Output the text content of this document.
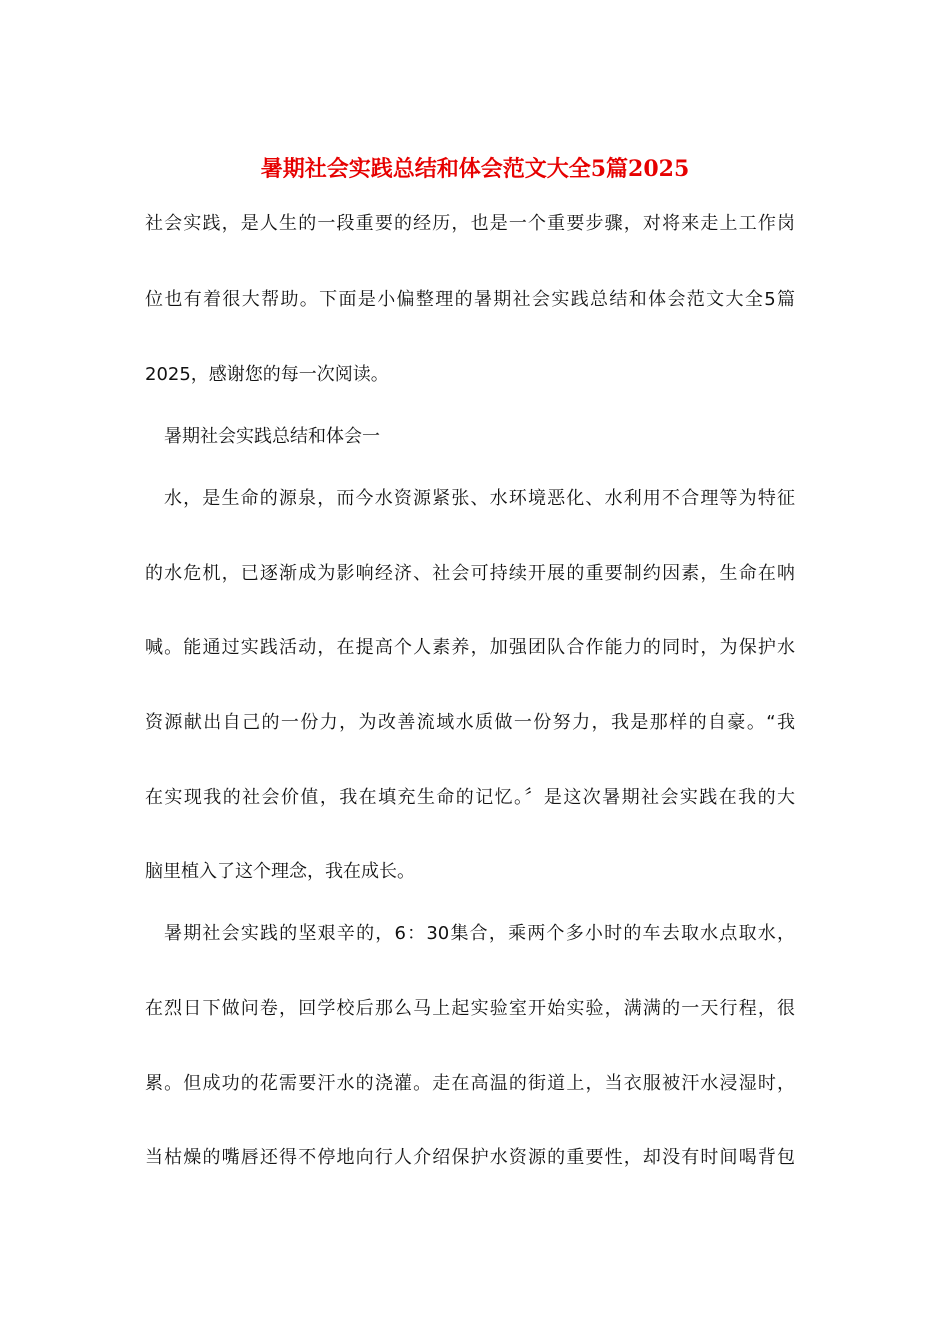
暑期社会实践总结和体会范文大全5篇2025
社会实践，是人生的一段重要的经历，也是一个重要步骤，对将来走上工作岗
位也有着很大帮助。下面是小偏整理的暑期社会实践总结和体会范文大全5篇
2025，感谢您的每一次阅读。
暑期社会实践总结和体会一
水，是生命的源泉，而今水资源紧张、水环境恶化、水利用不合理等为特征
的水危机，已逐渐成为影响经济、社会可持续开展的重要制约因素，生命在呐
喊。能通过实践活动，在提高个人素养，加强团队合作能力的同时，为保护水
资源献出自己的一份力，为改善流域水质做一份努力，我是那样的自豪。“我
在实现我的社会价值，我在填充生命的记忆。〞是这次暑期社会实践在我的大
脑里植入了这个理念，我在成长。
暑期社会实践的坚艰辛的，6：30集合，乘两个多小时的车去取水点取水，
在烈日下做问卷，回学校后那么马上起实验室开始实验，满满的一天行程，很
累。但成功的花需要汗水的浇灌。走在高温的街道上，当衣服被汗水浸湿时，
当枯燥的嘴唇还得不停地向行人介绍保护水资源的重要性，却没有时间喝背包
